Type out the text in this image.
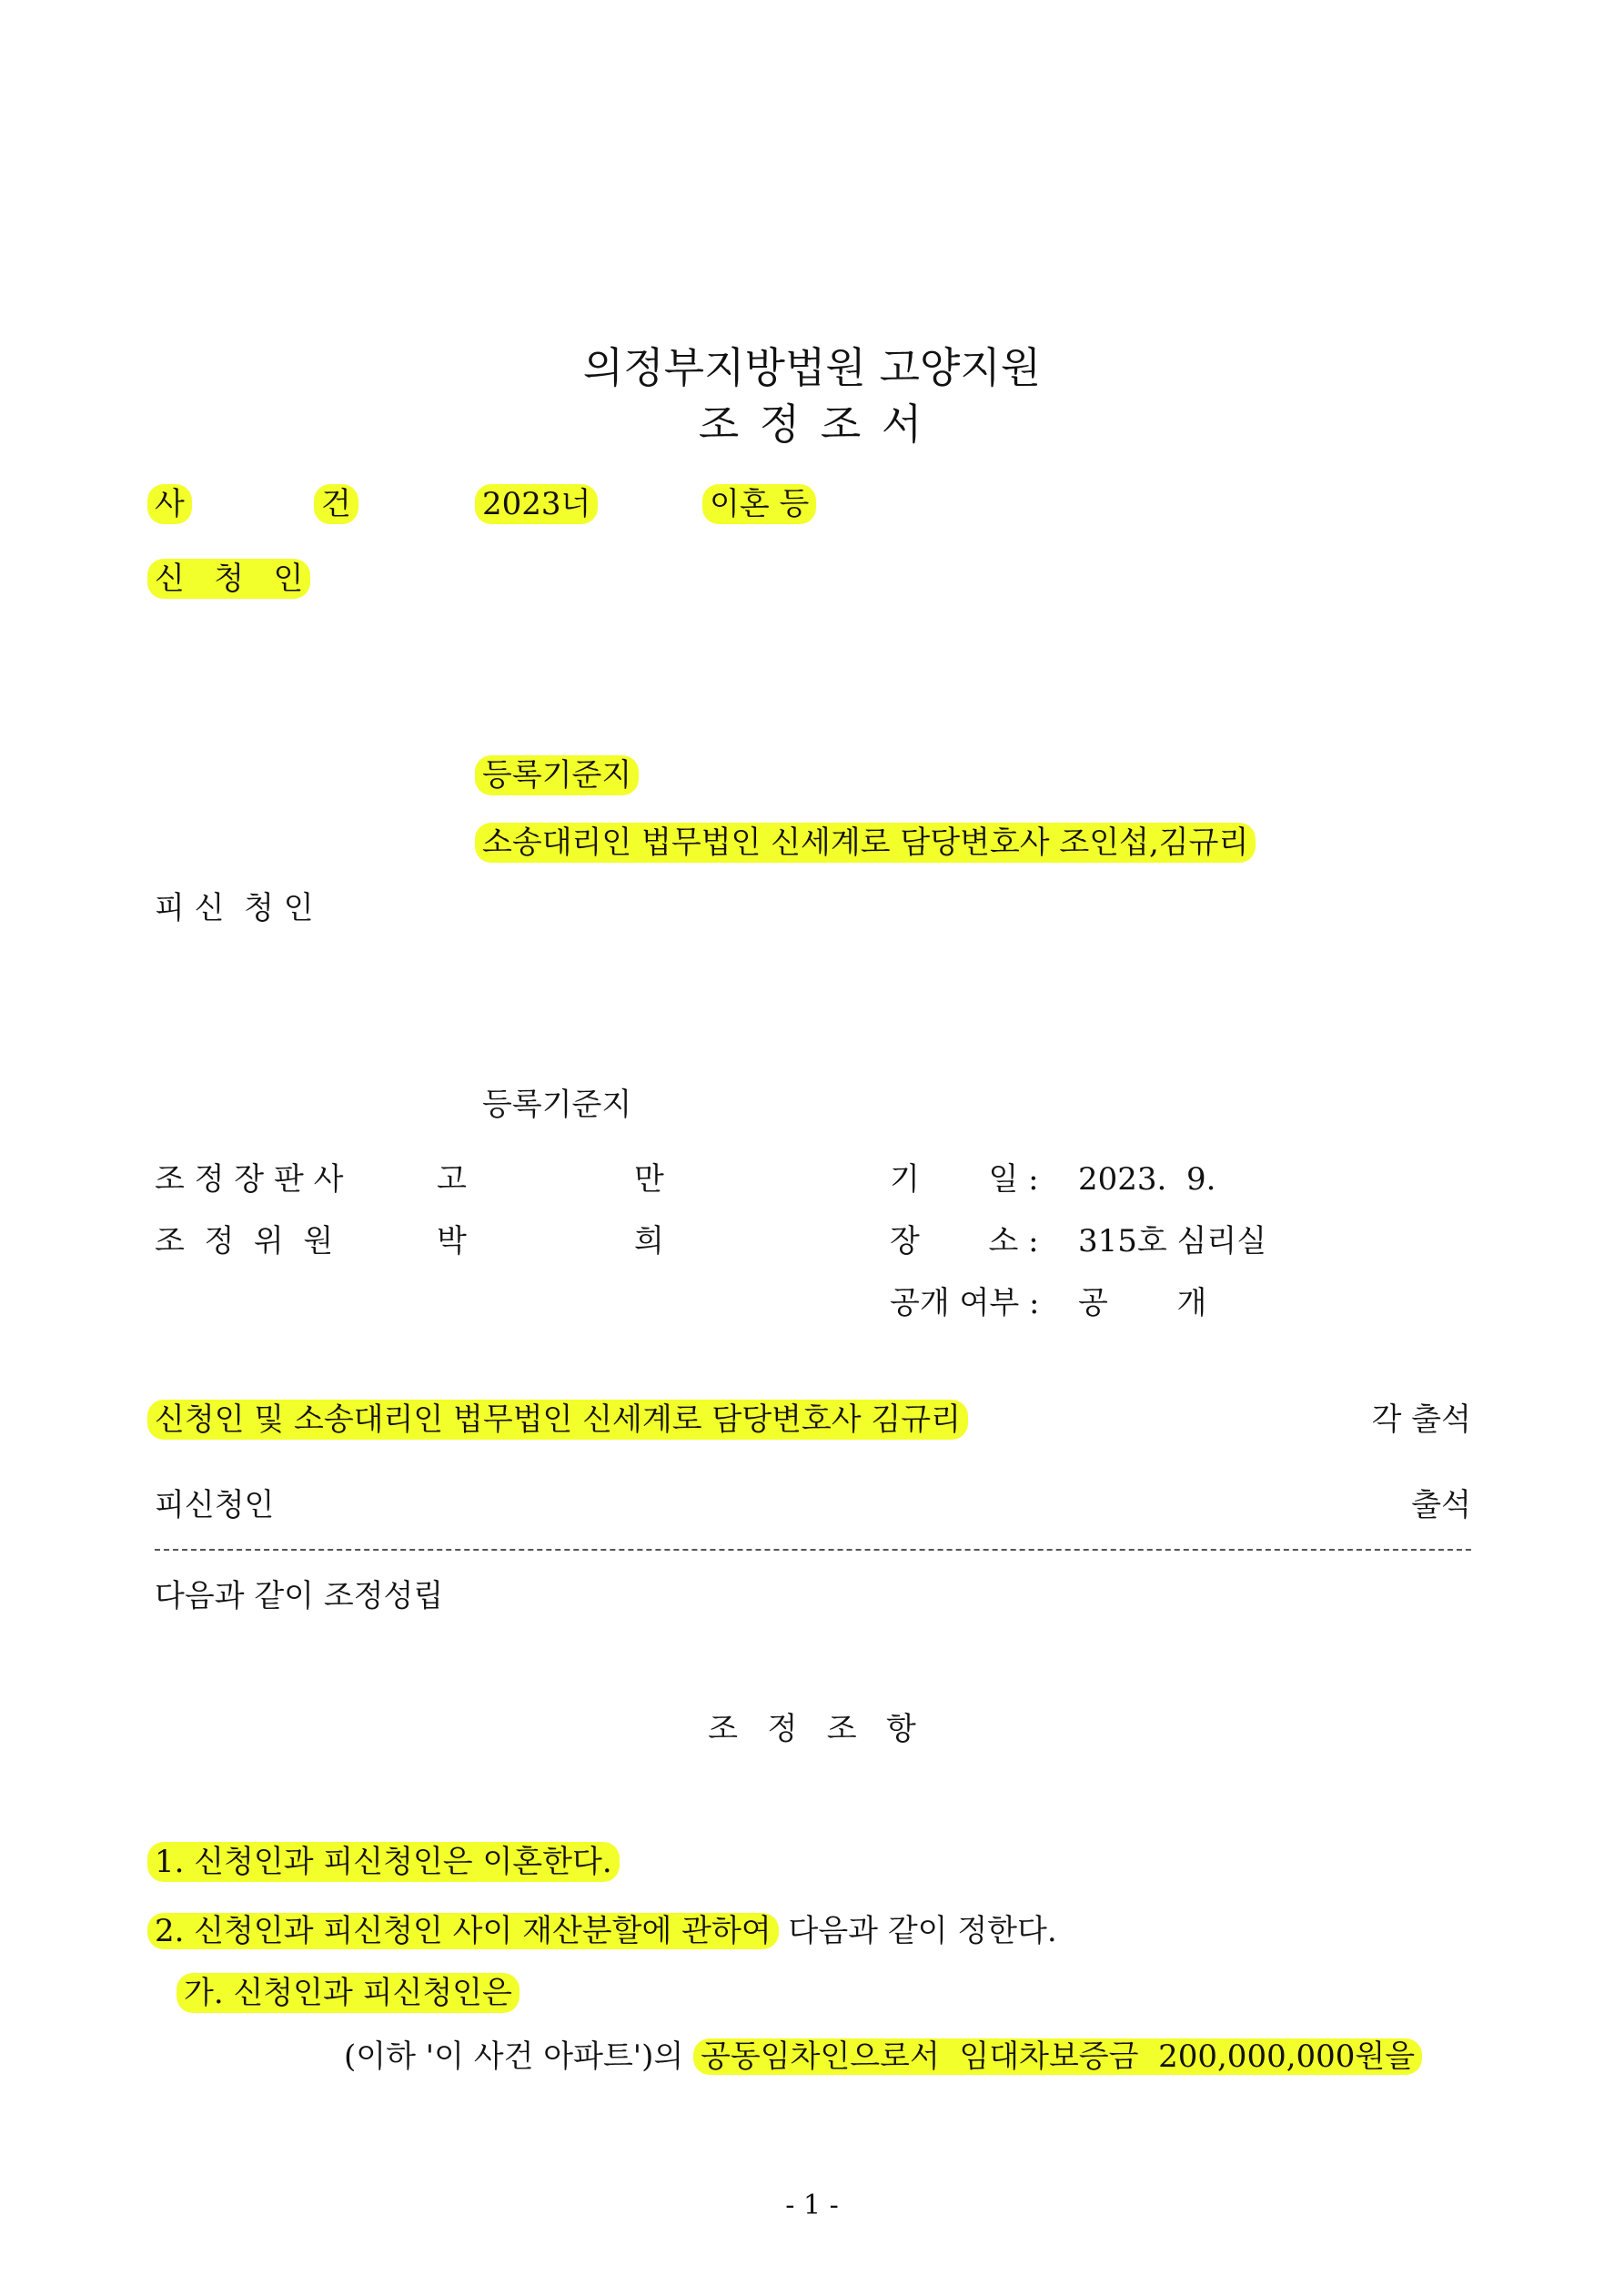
의정부지방법원 고양지원
조 정 조 서
사	건	2023너	이혼 등
신   청   인
등록기준지
소송대리인 법무법인 신세계로 담당변호사 조인섭,김규리
피 신  청 인
등록기준지
조 정 장 판 사	고	만	기       일 : 2023.  9.
조  정  위  원	박	희	장       소 : 315호 심리실
공개 여부 : 공       개
신청인 및 소송대리인 법무법인 신세계로 담당변호사 김규리	각 출석
피신청인	출석
다음과 같이 조정성립
조   정   조   항
1. 신청인과 피신청인은 이혼한다.
2. 신청인과 피신청인 사이 재산분할에 관하여 다음과 같이 정한다.
가. 신청인과 피신청인은
(이하 '이 사건 아파트')의 공동임차인으로서  임대차보증금  200,000,000원을
- 1 -
